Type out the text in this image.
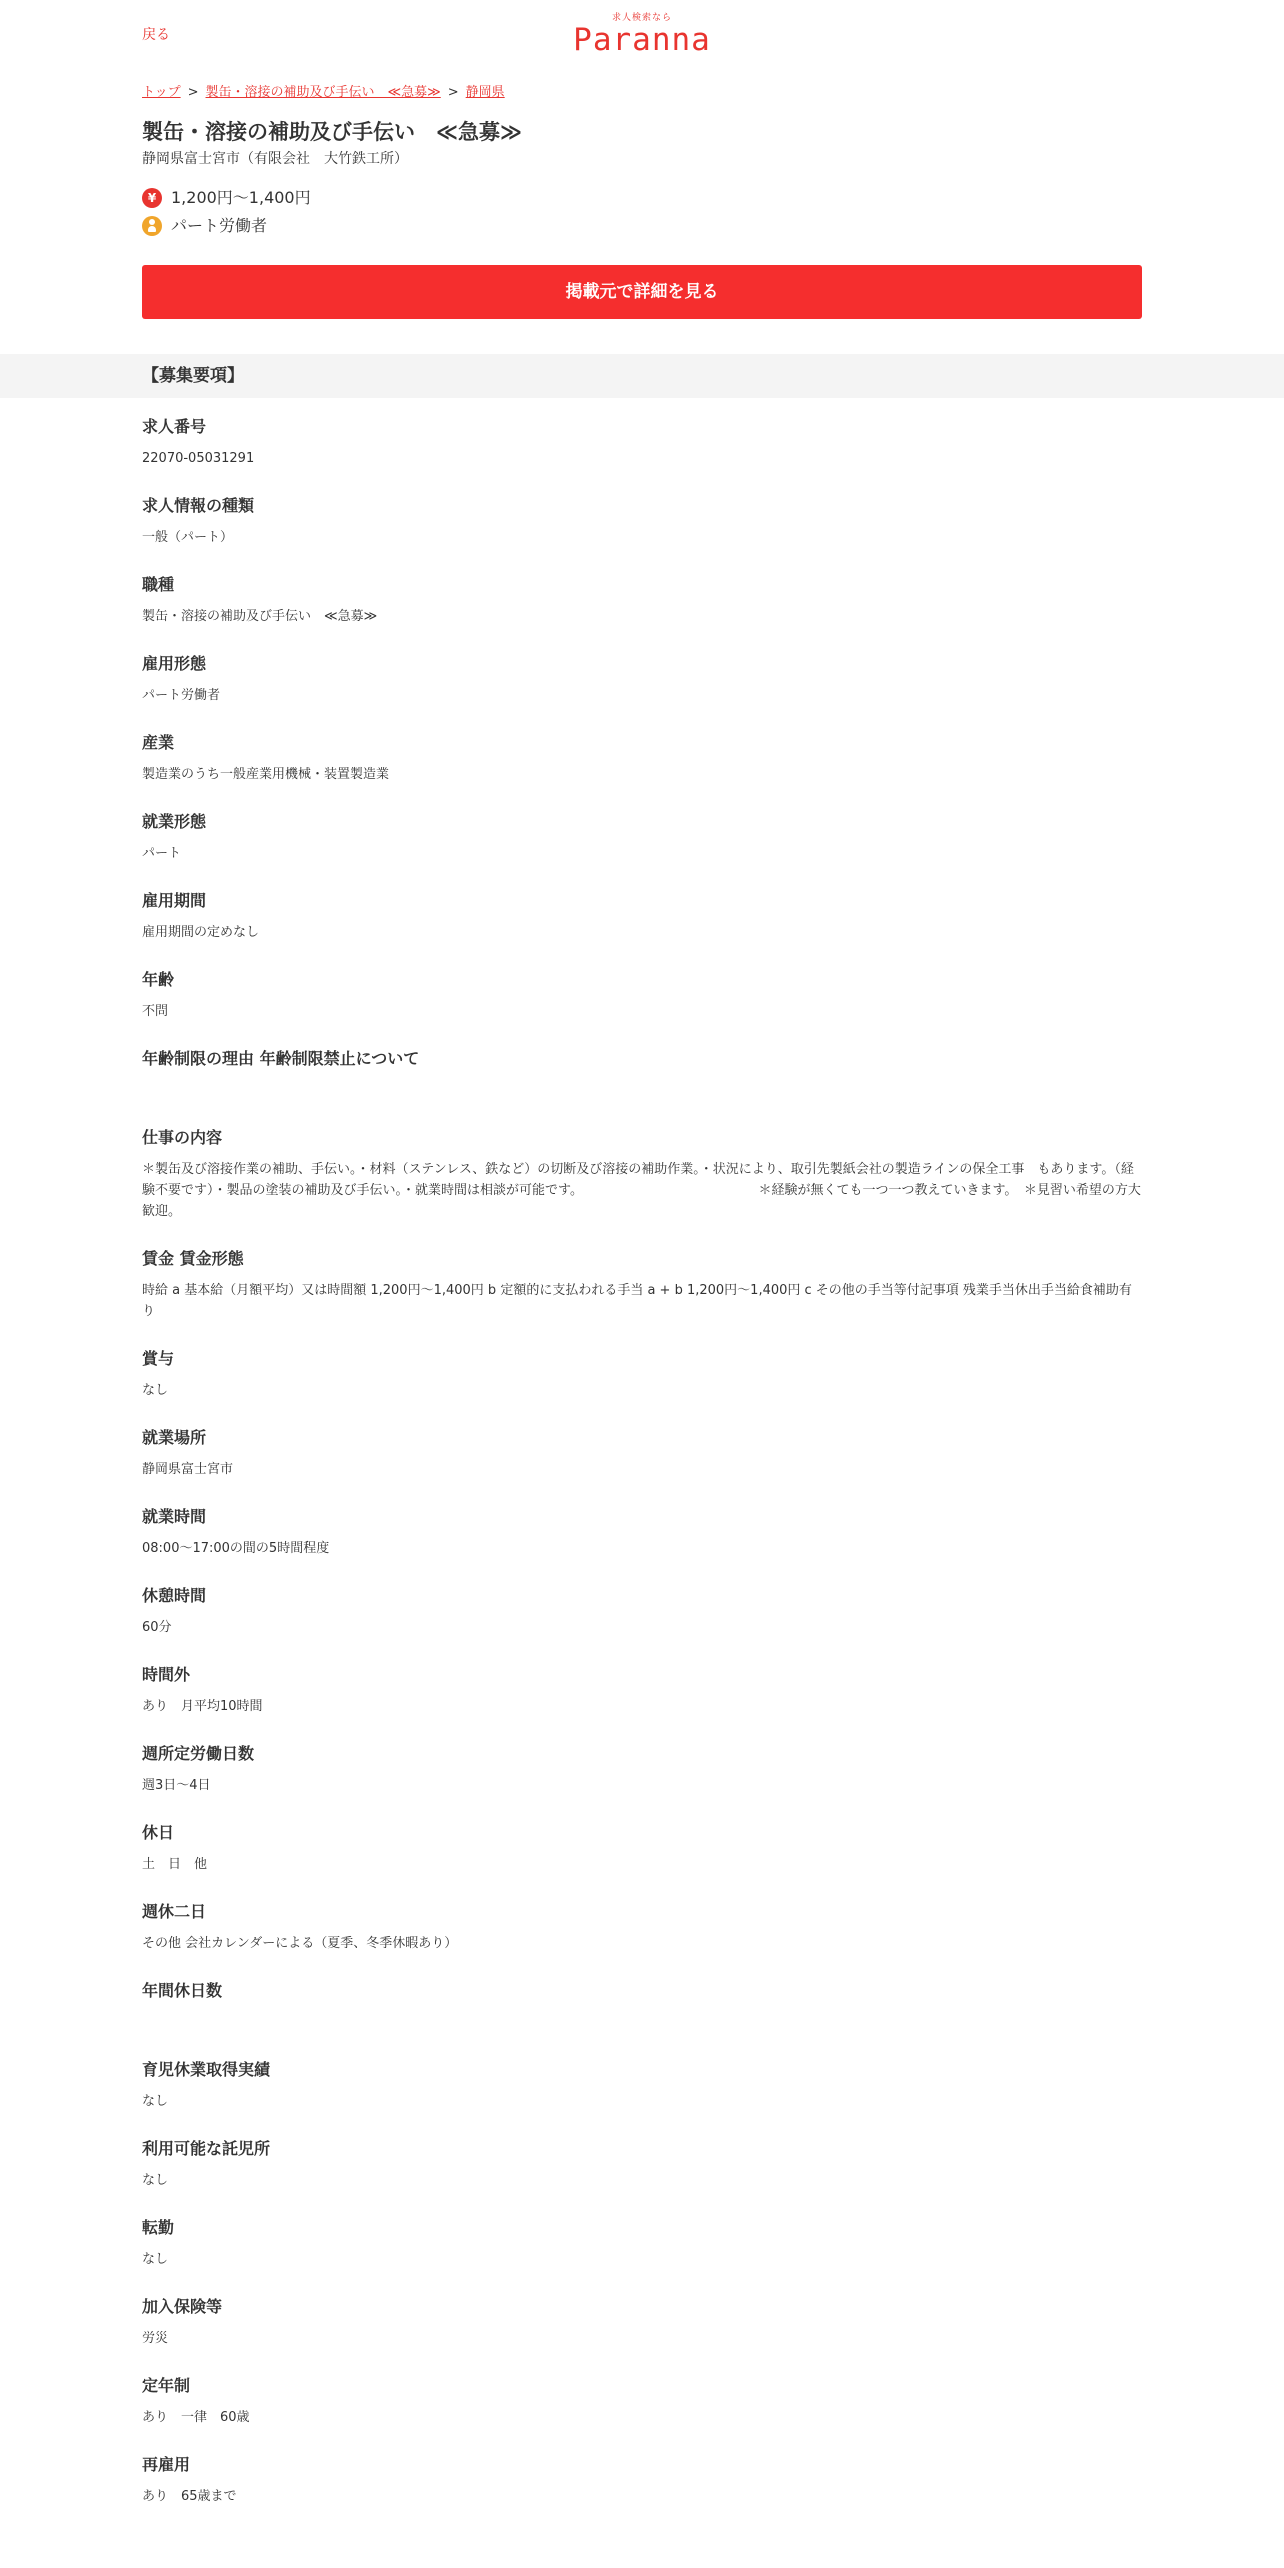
戻る
求人検索なら
Paranna
トップ > 製缶・溶接の補助及び手伝い　≪急募≫ > 静岡県
製缶・溶接の補助及び手伝い　≪急募≫
静岡県富士宮市（有限会社　大竹鉄工所）
¥ 1,200円～1,400円
パート労働者
掲載元で詳細を見る
【募集要項】
求人番号
22070-05031291
求人情報の種類
一般（パート）
職種
製缶・溶接の補助及び手伝い　≪急募≫
雇用形態
パート労働者
産業
製造業のうち一般産業用機械・装置製造業
就業形態
パート
雇用期間
雇用期間の定めなし
年齢
不問
年齢制限の理由 年齢制限禁止について
仕事の内容
＊製缶及び溶接作業の補助、手伝い。・材料（ステンレス、鉄など）の切断及び溶接の補助作業。・状況により、取引先製紙会社の製造ラインの保全工事　もあります。（経験不要です）・製品の塗装の補助及び手伝い。・就業時間は相談が可能です。　　　　　　　　　　　　　　＊経験が無くても一つ一つ教えていきます。　＊見習い希望の方大歓迎。
賃金 賃金形態
時給 a 基本給（月額平均）又は時間額 1,200円～1,400円 b 定額的に支払われる手当 a + b 1,200円～1,400円 c その他の手当等付記事項 残業手当休出手当給食補助有り
賞与
なし
就業場所
静岡県富士宮市
就業時間
08:00～17:00の間の5時間程度
休憩時間
60分
時間外
あり　月平均10時間
週所定労働日数
週3日～4日
休日
土　日　他
週休二日
その他 会社カレンダーによる（夏季、冬季休暇あり）
年間休日数
育児休業取得実績
なし
利用可能な託児所
なし
転勤
なし
加入保険等
労災
定年制
あり　一律　60歳
再雇用
あり　65歳まで
